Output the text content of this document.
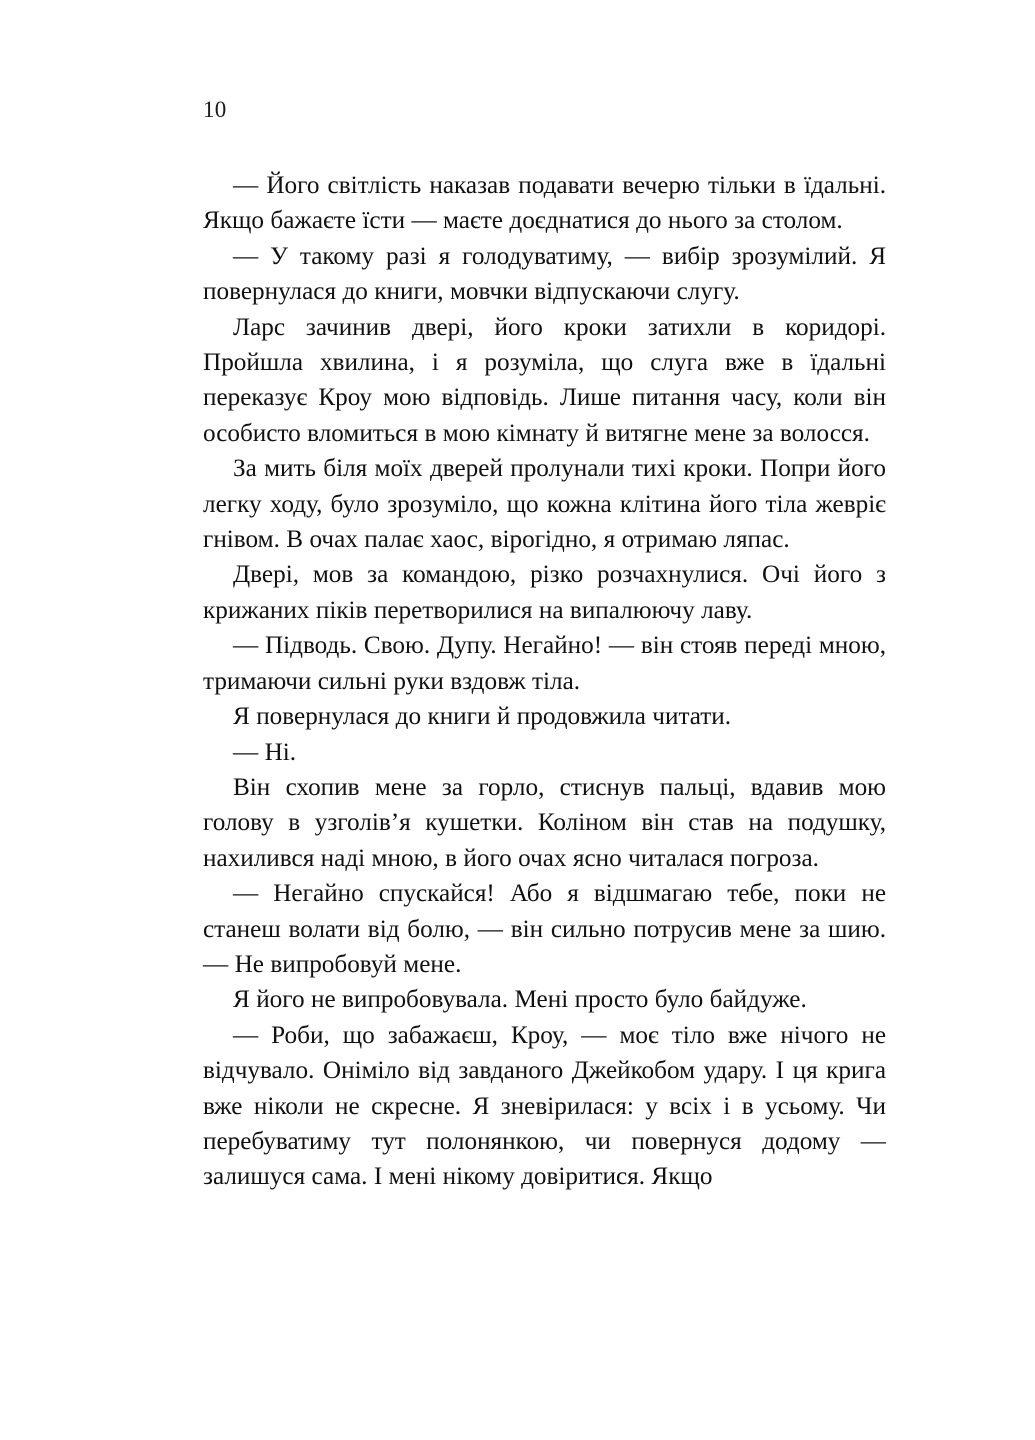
10

— Його світлість наказав подавати вечерю тільки в їдальні. Якщо бажаєте їсти — маєте доєднатися до нього за столом.

— У такому разі я голодуватиму, — вибір зрозумілий. Я повернулася до книги, мовчки відпускаючи слугу.

Ларс зачинив двері, його кроки затихли в коридорі. Пройшла хвилина, і я розуміла, що слуга вже в їдальні переказує Кроу мою відповідь. Лише питання часу, коли він особисто вломиться в мою кімнату й витягне мене за волосся.

За мить біля моїх дверей пролунали тихі кроки. Попри його легку ходу, було зрозуміло, що кожна клітина його тіла жевріє гнівом. В очах палає хаос, вірогідно, я отримаю ляпас.

Двері, мов за командою, різко розчахнулися. Очі його з крижаних піків перетворилися на випалюючу лаву.

— Підводь. Свою. Дупу. Негайно! — він стояв переді мною, тримаючи сильні руки вздовж тіла.

Я повернулася до книги й продовжила читати.

— Ні.

Він схопив мене за горло, стиснув пальці, вдавив мою голову в узголів’я кушетки. Коліном він став на подушку, нахилився наді мною, в його очах ясно читалася погроза.

— Негайно спускайся! Або я відшмагаю тебе, поки не станеш волати від болю, — він сильно потрусив мене за шию. — Не випробовуй мене.

Я його не випробовувала. Мені просто було байдуже.

— Роби, що забажаєш, Кроу, — моє тіло вже нічого не відчувало. Оніміло від завданого Джейкобом удару. І ця крига вже ніколи не скресне. Я зневірилася: у всіх і в усьому. Чи перебуватиму тут полонянкою, чи повернуся додому — залишуся сама. І мені нікому довіритися. Якщо
